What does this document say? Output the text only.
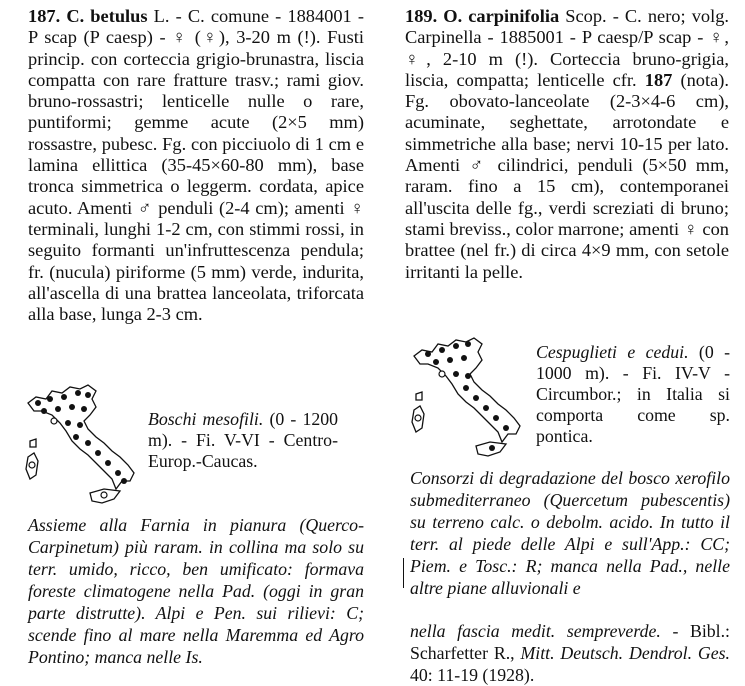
187. C. betulus L. - C. comune - 1884001 - P scap (P caesp) - ♀ (♀), 3-20 m (!). Fusti princip. con corteccia grigio-brunastra, liscia compatta con rare fratture trasv.; rami giov. bruno-rossastri; lenticelle nulle o rare, puntiformi; gemme acute (2×5 mm) rossastre, pubesc. Fg. con picciuolo di 1 cm e lamina ellittica (35-45×60-80 mm), base tronca simmetrica o leggerm. cordata, apice acuto. Amenti ♂ penduli (2-4 cm); amenti ♀ terminali, lunghi 1-2 cm, con stimmi rossi, in seguito formanti un'infruttescenza pendula; fr. (nucula) piriforme (5 mm) verde, indurita, all'ascella di una brattea lanceolata, triforcata alla base, lunga 2-3 cm.

Boschi mesofili. (0 - 1200 m). - Fi. V-VI - Centro-Europ.-Caucas.

Assieme alla Farnia in pianura (Querco-Carpinetum) più raram. in collina ma solo su terr. umido, ricco, ben umificato: formava foreste climatogene nella Pad. (oggi in gran parte distrutte). Alpi e Pen. sui rilievi: C; scende fino al mare nella Maremma ed Agro Pontino; manca nelle Is.

189. O. carpinifolia Scop. - C. nero; volg. Carpinella - 1885001 - P caesp/P scap - ♀, ♀, 2-10 m (!). Corteccia bruno-grigia, liscia, compatta; lenticelle cfr. 187 (nota). Fg. obovato-lanceolate (2-3×4-6 cm), acuminate, seghettate, arrotondate e simmetriche alla base; nervi 10-15 per lato. Amenti ♂ cilindrici, penduli (5×50 mm, raram. fino a 15 cm), contemporanei all'uscita delle fg., verdi screziati di bruno; stami breviss., color marrone; amenti ♀ con brattee (nel fr.) di circa 4×9 mm, con setole irritanti la pelle.

Cespuglieti e cedui. (0 - 1000 m). - Fi. IV-V - Circumbor.; in Italia si comporta come sp. pontica.

Consorzi di degradazione del bosco xerofilo submediterraneo (Quercetum pubescentis) su terreno calc. o debolm. acido. In tutto il terr. al piede delle Alpi e sull'App.: CC; Piem. e Tosc.: R; manca nella Pad., nelle altre piane alluvionali e

nella fascia medit. sempreverde. - Bibl.: Scharfetter R., Mitt. Deutsch. Dendrol. Ges. 40: 11-19 (1928).
